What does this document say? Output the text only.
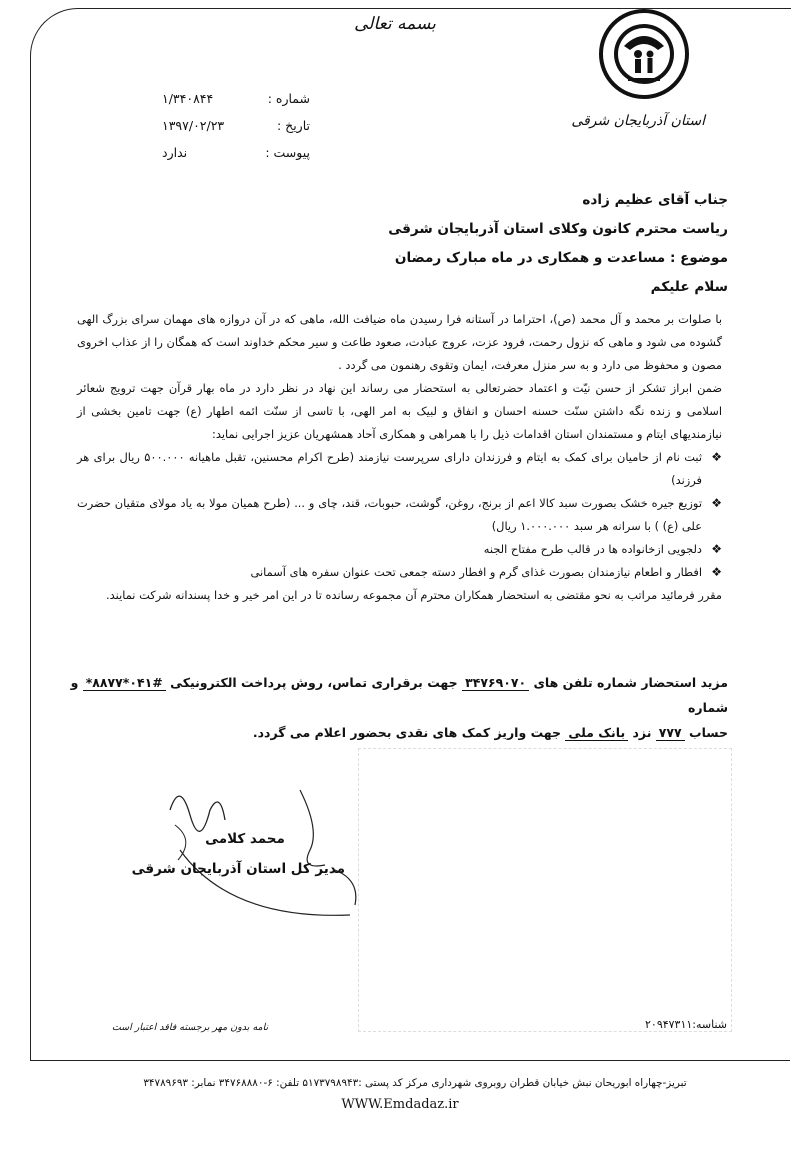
بسمه تعالی
استان آذربایجان شرقی
شماره :
۱/۳۴۰۸۴۴
تاریخ :
۱۳۹۷/۰۲/۲۳
پیوست :
ندارد
جناب آقای عظیم زاده
ریاست محترم کانون وکلای استان آذربایجان شرقی
موضوع : مساعدت و همکاری در ماه مبارک رمضان
سلام علیکم

با صلوات بر محمد و آل محمد (ص)، احتراما در آستانه فرا رسیدن ماه ضیافت الله، ماهی که در آن دروازه های مهمان سرای بزرگ الهی گشوده می شود و ماهی که نزول رحمت، فرود عزت، عروج عبادت، صعود طاعت و سیر محکم خداوند است که همگان را از عذاب اخروی مصون و محفوظ می دارد و به سر منزل معرفت، ایمان وتقوی رهنمون می گردد .

ضمن ابراز تشکر از حسن نیّت و اعتماد حضرتعالی به استحضار می رساند این نهاد در نظر دارد در ماه بهار قرآن جهت ترویج شعائر اسلامی و زنده نگه داشتن سنّت حسنه احسان و انفاق و لبیک به امر الهی، با تاسی از سنّت ائمه اطهار (ع) جهت تامین بخشی از نیازمندیهای ایتام و مستمندان استان اقدامات ذیل را با همراهی و همکاری آحاد همشهریان عزیز اجرایی نماید:

❖
ثبت نام از حامیان برای کمک به ایتام و فرزندان دارای سرپرست نیازمند (طرح اکرام محسنین، تقبل ماهیانه ۵۰۰.۰۰۰ ریال برای هر فرزند)
❖
توزیع جیره خشک بصورت سبد کالا اعم از برنج، روغن، گوشت، حبوبات، قند، چای و ... (طرح همیان مولا به یاد مولای متقیان حضرت علی (ع) ) با سرانه هر سبد ۱.۰۰۰.۰۰۰ ریال)
❖
دلجویی ازخانواده ها در قالب طرح مفتاح الجنه
❖
افطار و اطعام نیازمندان بصورت غذای گرم و افطار دسته جمعی تحت عنوان سفره های آسمانی

مقرر فرمائید مراتب به نحو مقتضی به استحضار همکاران محترم آن مجموعه رسانده تا در این امر خیر و خدا پسندانه شرکت نمایند.

مزید استحضار شماره تلفن های ۳۴۷۶۹۰۷۰ جهت برقراری تماس، روش پرداخت الکترونیکی #۰۴۱*۸۸۷۷* و شماره
حساب ۷۷۷ نزد بانک ملی جهت واریز کمک های نقدی بحضور اعلام می گردد.
محمد کلامی
مدیر کل استان آذربایجان شرقی
شناسه:۲۰۹۴۷۳۱۱
نامه بدون مهر برجسته فاقد اعتبار است
تبریز-چهاراه ابوریحان نبش خیابان قطران روبروی شهرداری مرکز کد پستی :۵۱۷۳۷۹۸۹۴۳ تلفن: ۶-۳۴۷۶۸۸۸۰ نمابر: ۳۴۷۸۹۶۹۳
WWW.Emdadaz.ir
